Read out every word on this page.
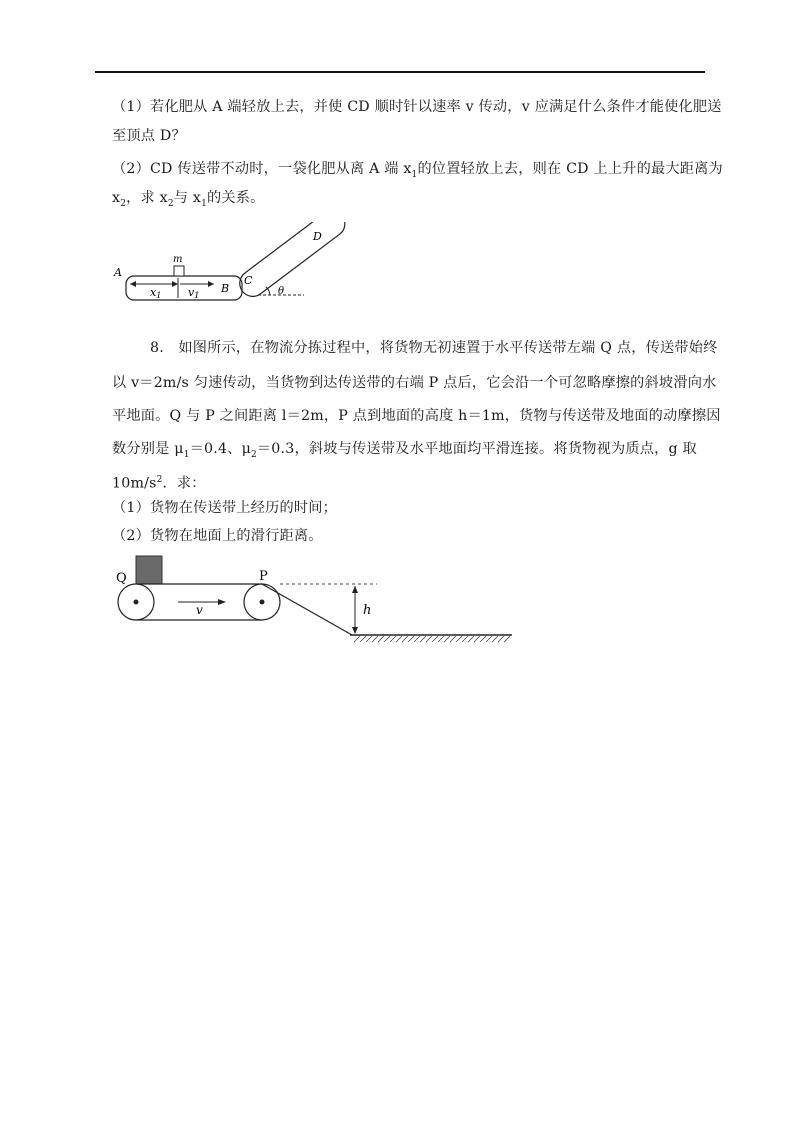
（1）若化肥从 A 端轻放上去，并使 CD 顺时针以速率 v 传动，v 应满足什么条件才能使化肥送
至顶点 D？
（2）CD 传送带不动时，一袋化肥从离 A 端 $x_1$的位置轻放上去，则在 CD 上上升的最大距离为
$x_2$，求 $x_2$与 $x_1$的关系。
m
A
x1 v1
B
C
D
θ
8.　如图所示，在物流分拣过程中，将货物无初速置于水平传送带左端 Q 点，传送带始终
以 v＝2m/s 匀速传动，当货物到达传送带的右端 P 点后，它会沿一个可忽略摩擦的斜坡滑向水
平地面。Q 与 P 之间距离 l＝2m，P 点到地面的高度 h＝1m，货物与传送带及地面的动摩擦因
数分别是 $\mu_1=0.4$、$\mu_2=0.3$，斜坡与传送带及水平地面均平滑连接。将货物视为质点，g 取
$10m/s^2$．求：
（1）货物在传送带上经历的时间；
（2）货物在地面上的滑行距离。
Q	P
v	h
